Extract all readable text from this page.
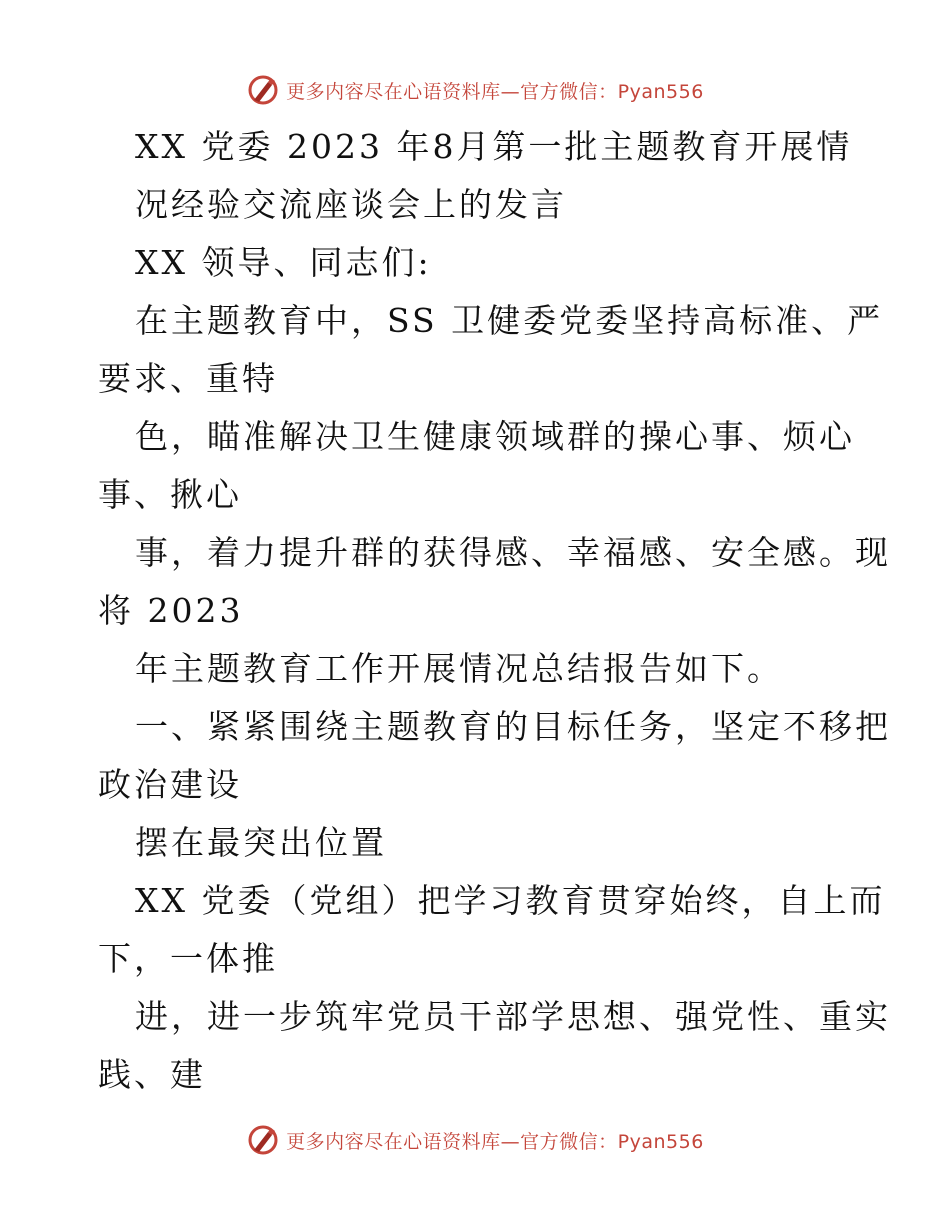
更多内容尽在心语资料库—官方微信：Pyan556
XX 党委 2023 年8月第一批主题教育开展情
况经验交流座谈会上的发言
XX 领导、同志们:
在主题教育中，SS 卫健委党委坚持高标准、严
要求、重特
色，瞄准解决卫生健康领域群的操心事、烦心
事、揪心
事，着力提升群的获得感、幸福感、安全感。现
将 2023
年主题教育工作开展情况总结报告如下。
一、紧紧围绕主题教育的目标任务，坚定不移把
政治建设
摆在最突出位置
XX 党委（党组）把学习教育贯穿始终，自上而
下，一体推
进，进一步筑牢党员干部学思想、强党性、重实
践、建
更多内容尽在心语资料库—官方微信：Pyan556
